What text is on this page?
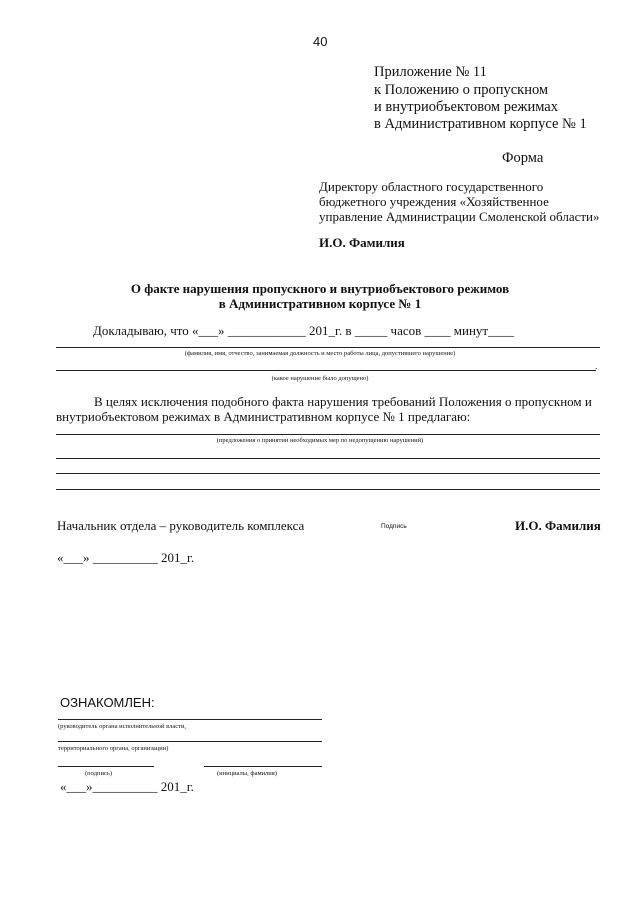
40
Приложение № 11
к Положению о пропускном
и внутриобъектовом режимах
в Административном корпусе № 1
Форма
Директору областного государственного
бюджетного учреждения «Хозяйственное
управление Администрации Смоленской области»
И.О. Фамилия
О факте нарушения пропускного и внутриобъектового режимов
в Административном корпусе № 1
Докладываю, что «___» ____________ 201_г. в _____ часов ____ минут____
(фамилия, имя, отчество, занимаемая должность и место работы лица, допустившего нарушение)
.
(какое нарушение было допущено)
В целях исключения подобного факта нарушения требований Положения о пропускном и
внутриобъектовом режимах в Административном корпусе № 1 предлагаю:
(предложения о принятии необходимых мер по недопущению нарушений)
Начальник отдела – руководитель комплекса	Подпись	И.О. Фамилия
«___» __________ 201_г.
ОЗНАКОМЛЕН:
(руководитель органа исполнительной власти,
территориального органа, организации)
(подпись)	(инициалы, фамилия)
«___»__________ 201_г.
